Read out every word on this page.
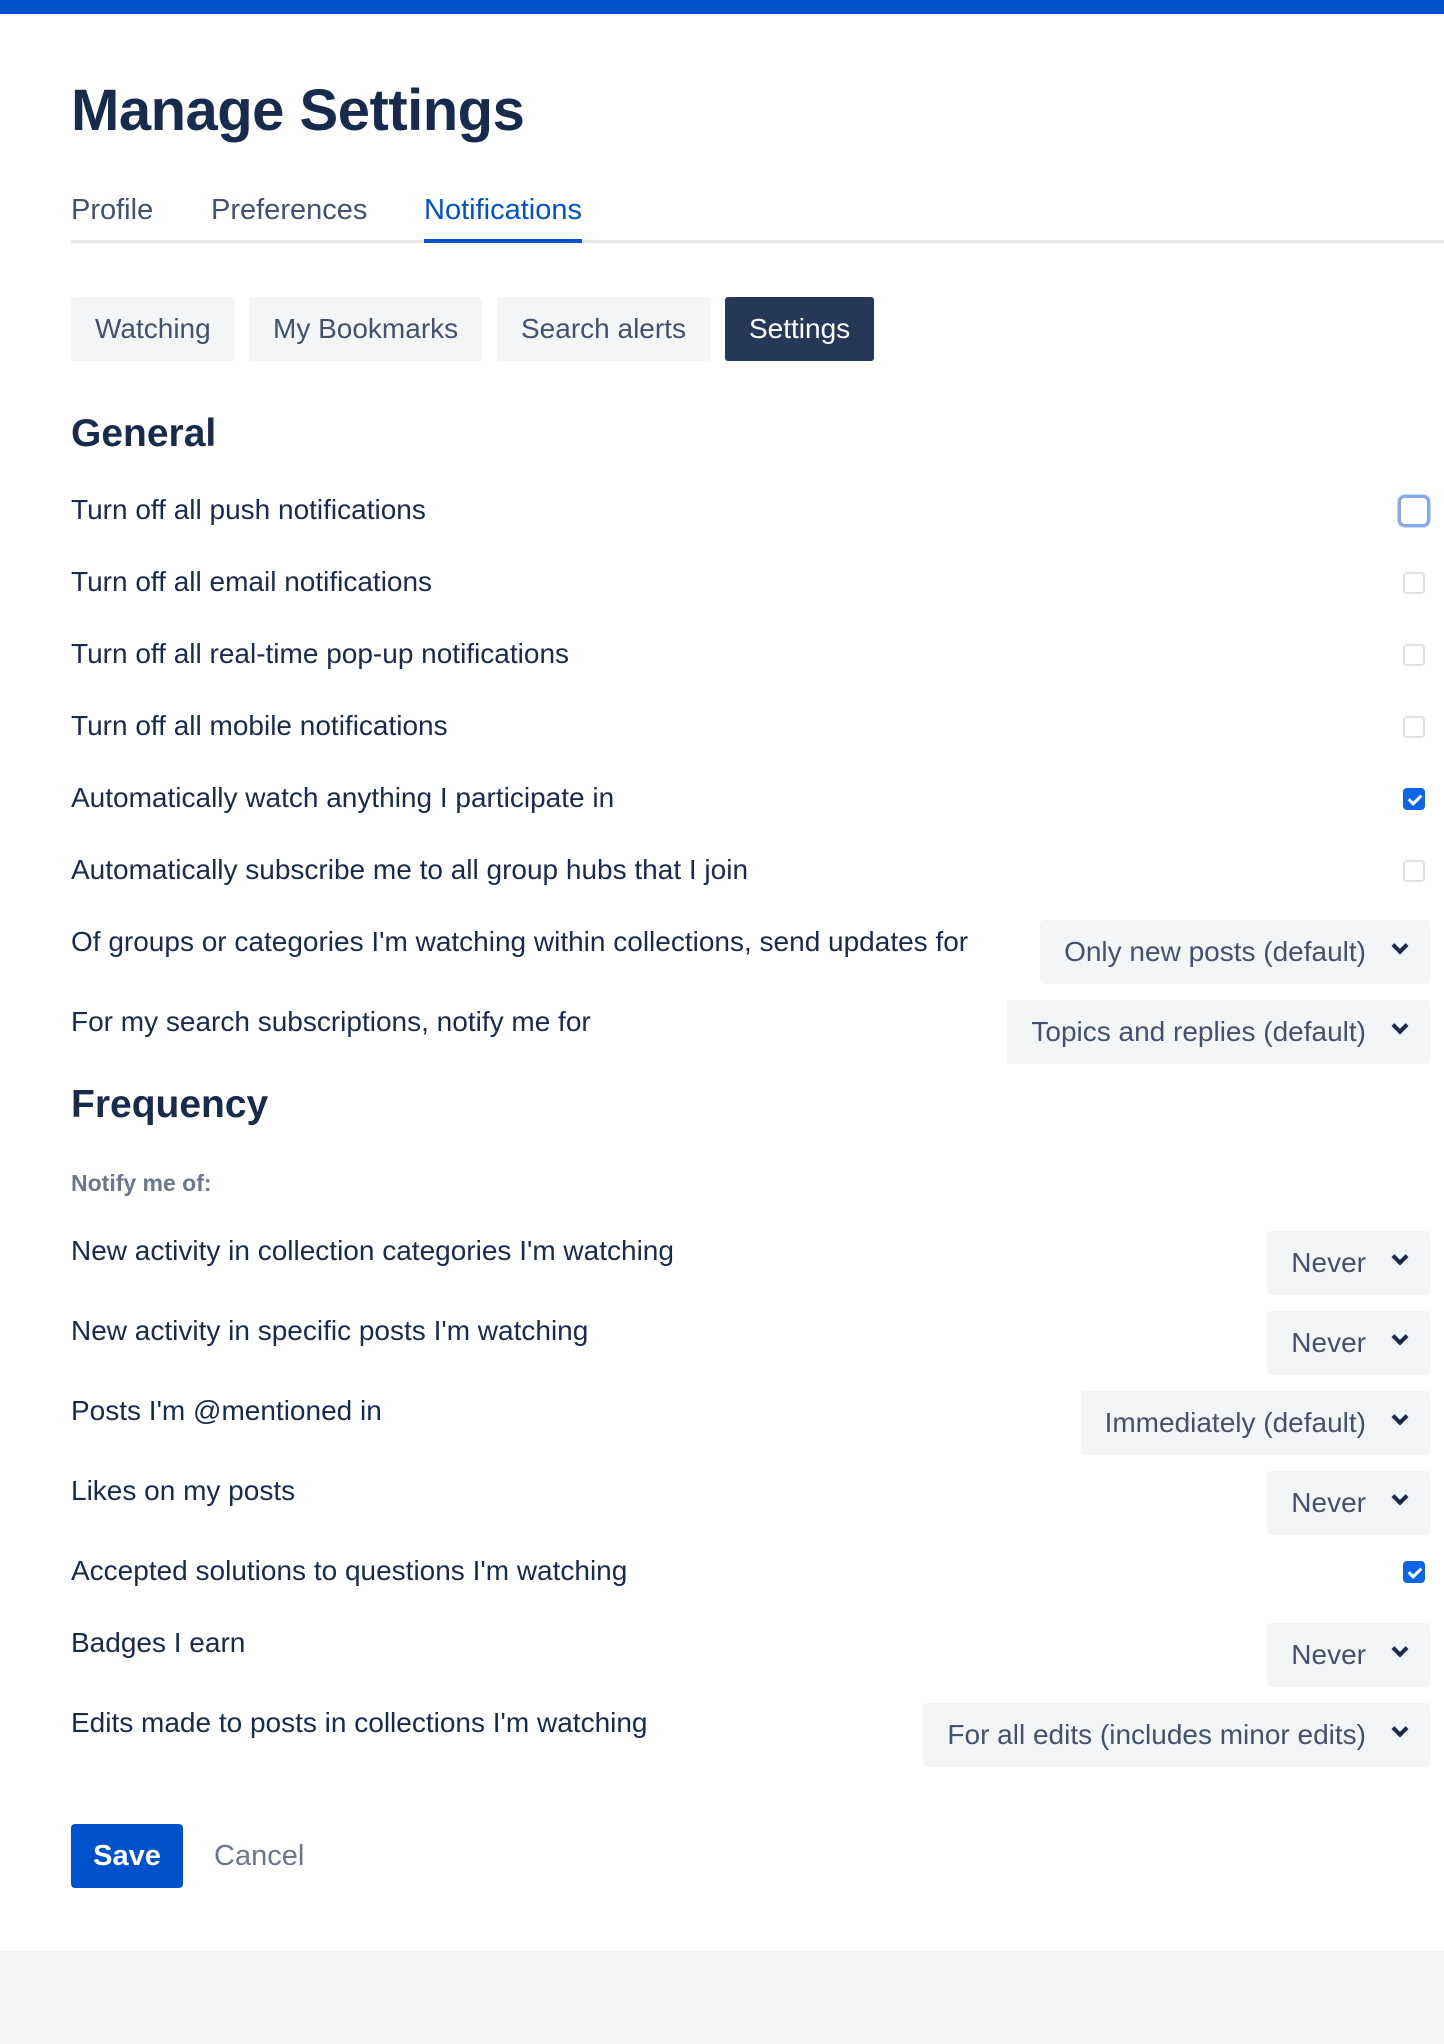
Manage Settings
Profile Preferences Notifications
Watching	My Bookmarks	Search alerts	Settings
General
Turn off all push notifications
Turn off all email notifications
Turn off all real-time pop-up notifications
Turn off all mobile notifications
Automatically watch anything I participate in
Automatically subscribe me to all group hubs that I join
Of groups or categories I'm watching within collections, send updates for	Only new posts (default)
For my search subscriptions, notify me for	Topics and replies (default)
Frequency
Notify me of:
New activity in collection categories I'm watching	Never
New activity in specific posts I'm watching	Never
Posts I'm @mentioned in	Immediately (default)
Likes on my posts	Never
Accepted solutions to questions I'm watching
Badges I earn	Never
Edits made to posts in collections I'm watching	For all edits (includes minor edits)
Save	Cancel
